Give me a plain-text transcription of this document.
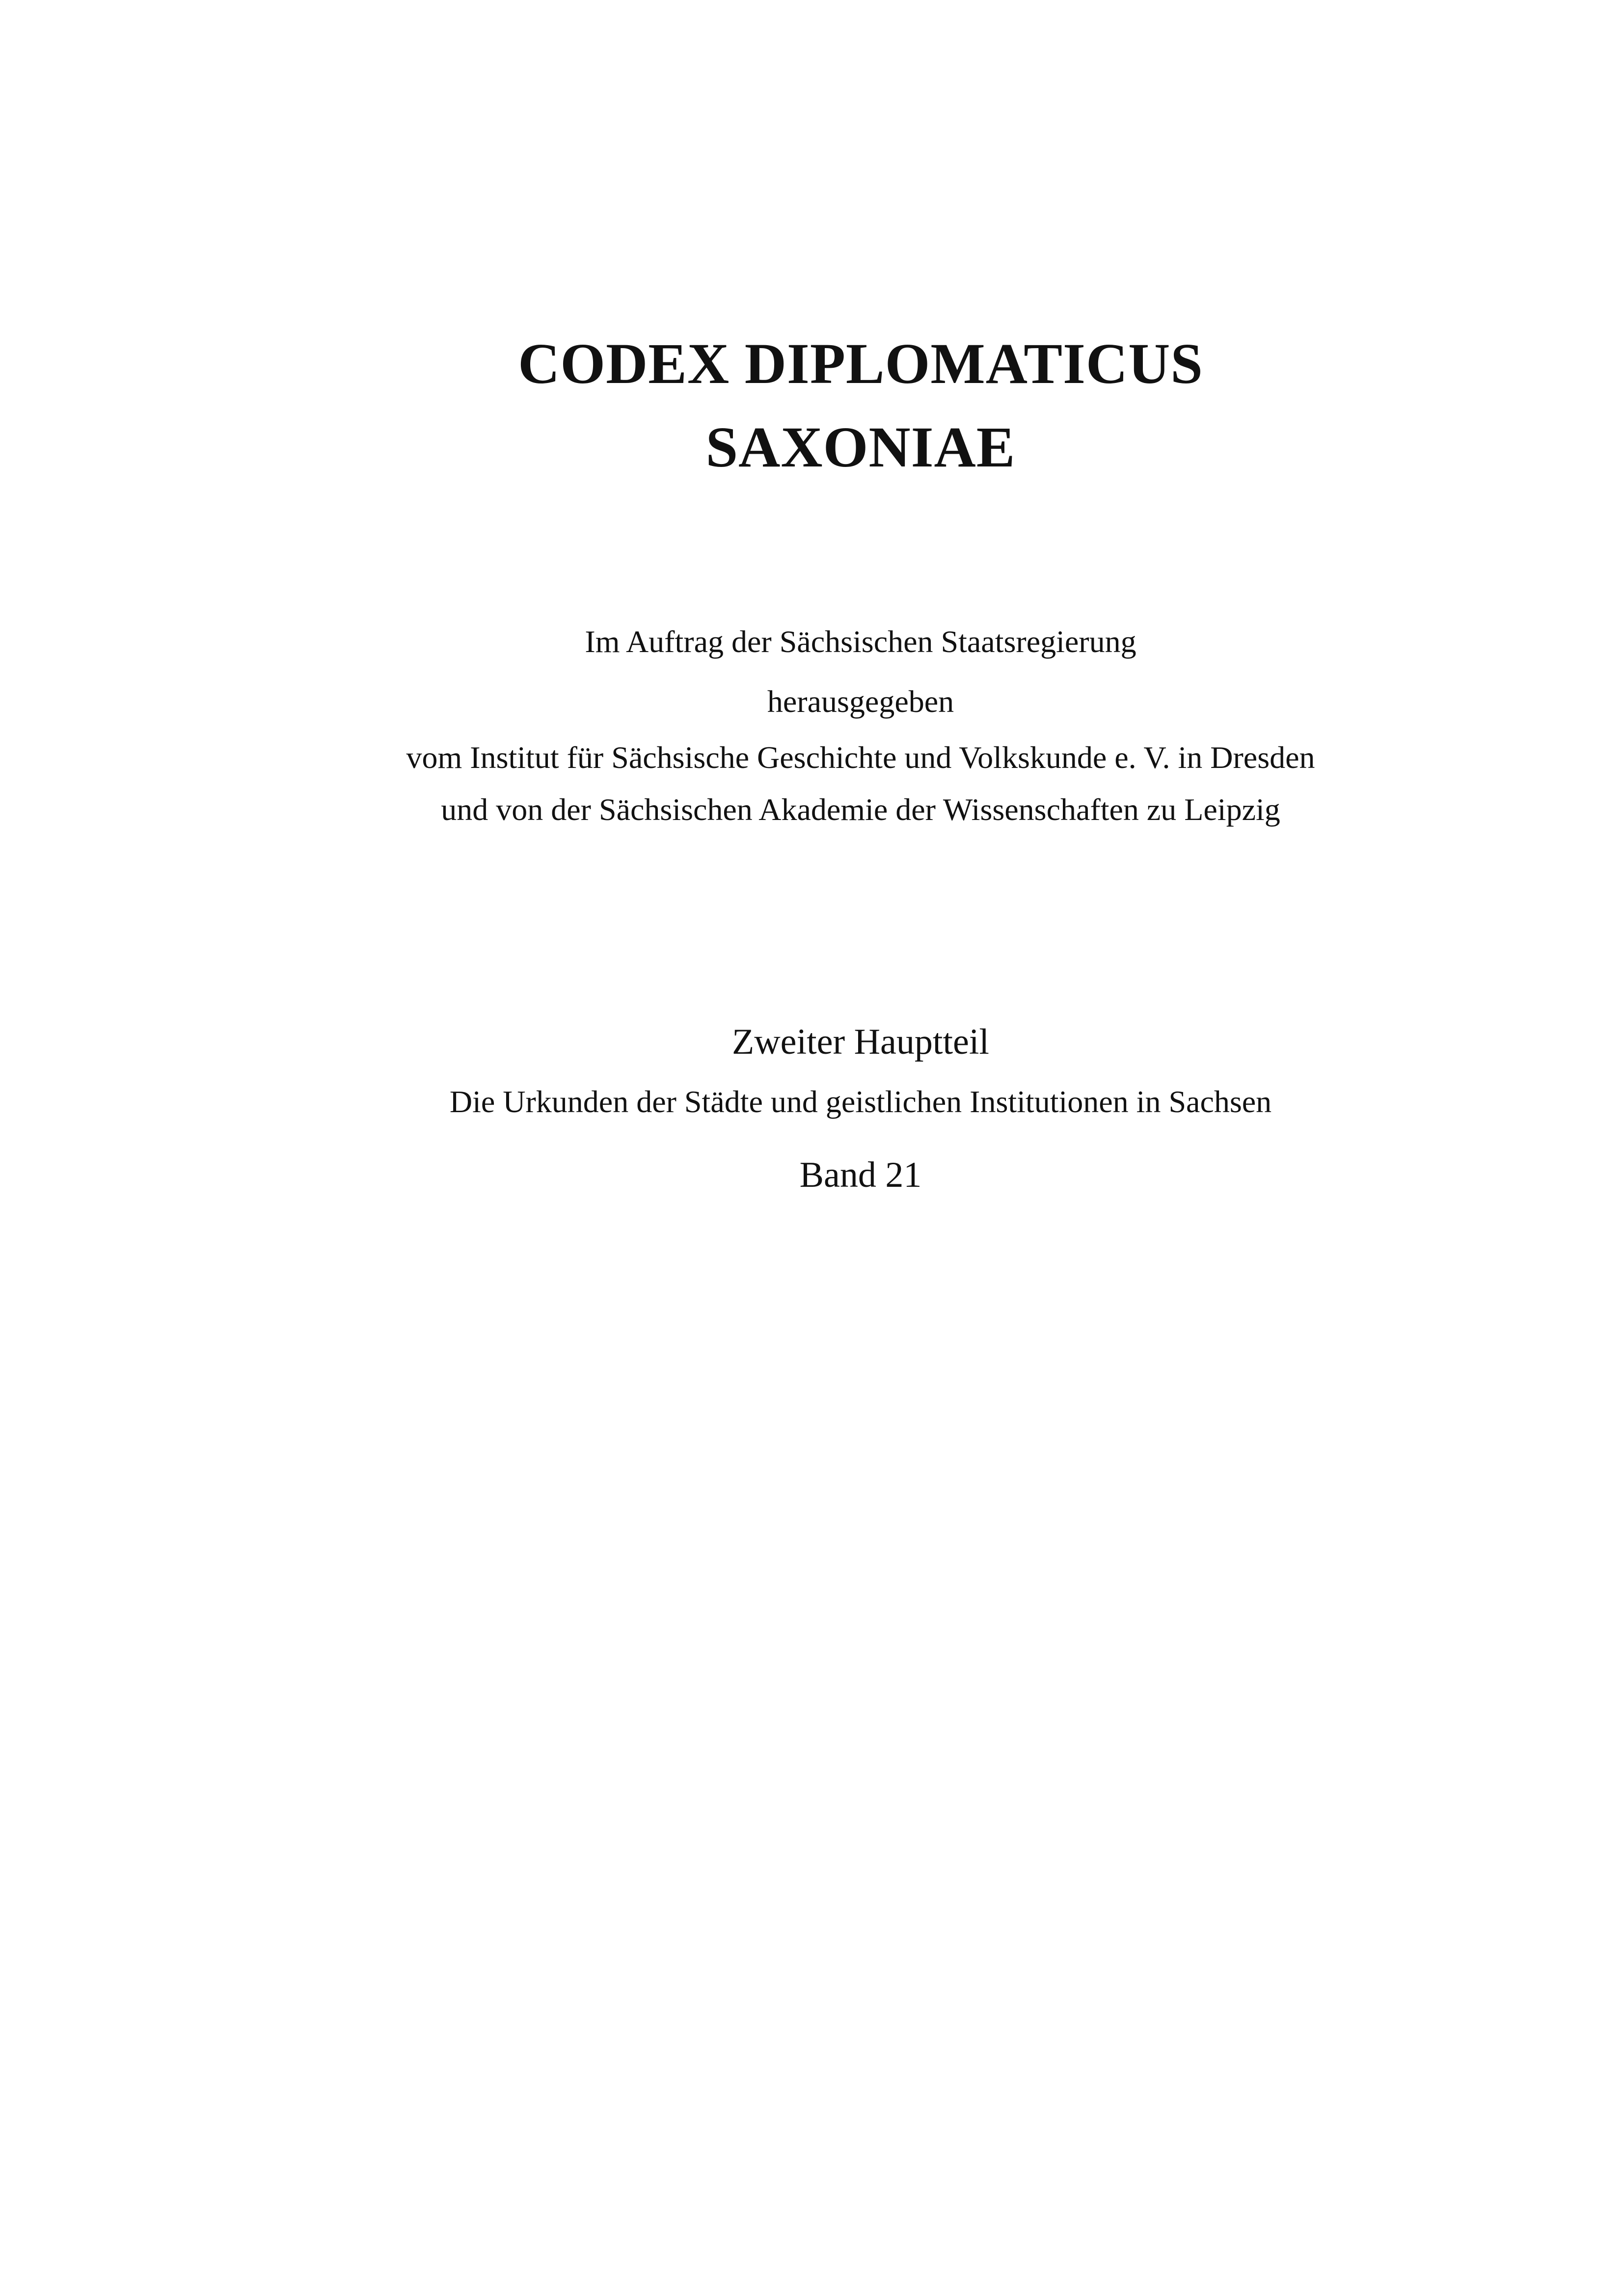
CODEX DIPLOMATICUS
SAXONIAE
Im Auftrag der Sächsischen Staatsregierung
herausgegeben
vom Institut für Sächsische Geschichte und Volkskunde e. V. in Dresden
und von der Sächsischen Akademie der Wissenschaften zu Leipzig
Zweiter Hauptteil
Die Urkunden der Städte und geistlichen Institutionen in Sachsen
Band 21
